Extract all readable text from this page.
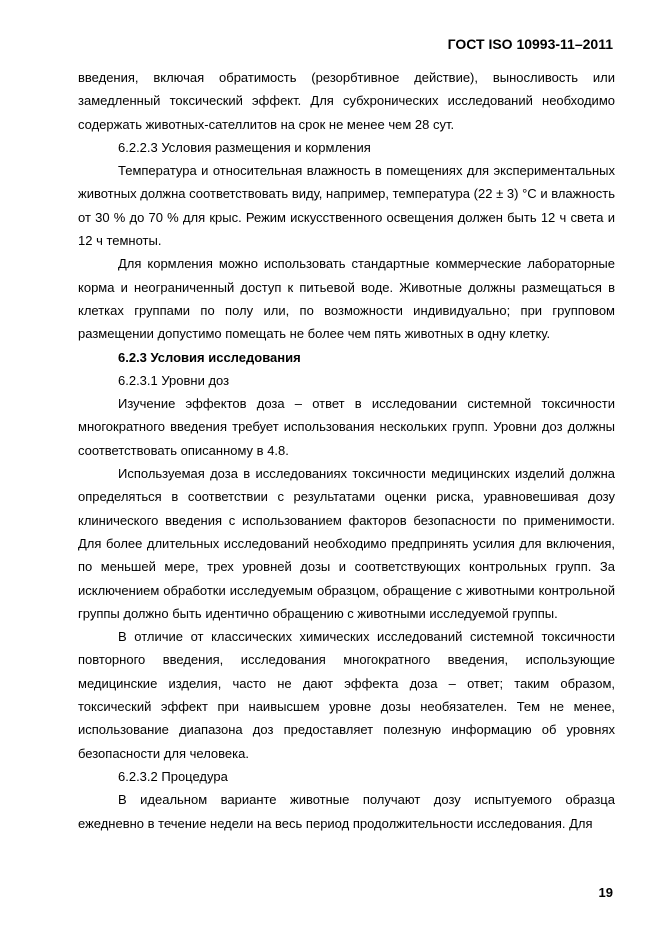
ГОСТ ISO 10993-11–2011

введения, включая обратимость (резорбтивное действие), выносливость или замедленный токсический эффект. Для субхронических исследований необходимо содержать животных-сателлитов на срок не менее чем 28 сут.

6.2.2.3 Условия размещения и кормления

Температура и относительная влажность в помещениях для экспериментальных животных должна соответствовать виду, например, температура (22 ± 3) °С и влажность от 30 % до 70 % для крыс. Режим искусственного освещения должен быть 12 ч света и 12 ч темноты.

Для кормления можно использовать стандартные коммерческие лабораторные корма и неограниченный доступ к питьевой воде. Животные должны размещаться в клетках группами по полу или, по возможности индивидуально; при групповом размещении допустимо помещать не более чем пять животных в одну клетку.

6.2.3 Условия исследования

6.2.3.1 Уровни доз

Изучение эффектов доза – ответ в исследовании системной токсичности многократного введения требует использования нескольких групп. Уровни доз должны соответствовать описанному в 4.8.

Используемая доза в исследованиях токсичности медицинских изделий должна определяться в соответствии с результатами оценки риска, уравновешивая дозу клинического введения с использованием факторов безопасности по применимости. Для более длительных исследований необходимо предпринять усилия для включения, по меньшей мере, трех уровней дозы и соответствующих контрольных групп. За исключением обработки исследуемым образцом, обращение с животными контрольной группы должно быть идентично обращению с животными исследуемой группы.

В отличие от классических химических исследований системной токсичности повторного введения, исследования многократного введения, использующие медицинские изделия, часто не дают эффекта доза – ответ; таким образом, токсический эффект при наивысшем уровне дозы необязателен. Тем не менее, использование диапазона доз предоставляет полезную информацию об уровнях безопасности для человека.

6.2.3.2 Процедура

В идеальном варианте животные получают дозу испытуемого образца ежедневно в течение недели на весь период продолжительности исследования. Для

19
